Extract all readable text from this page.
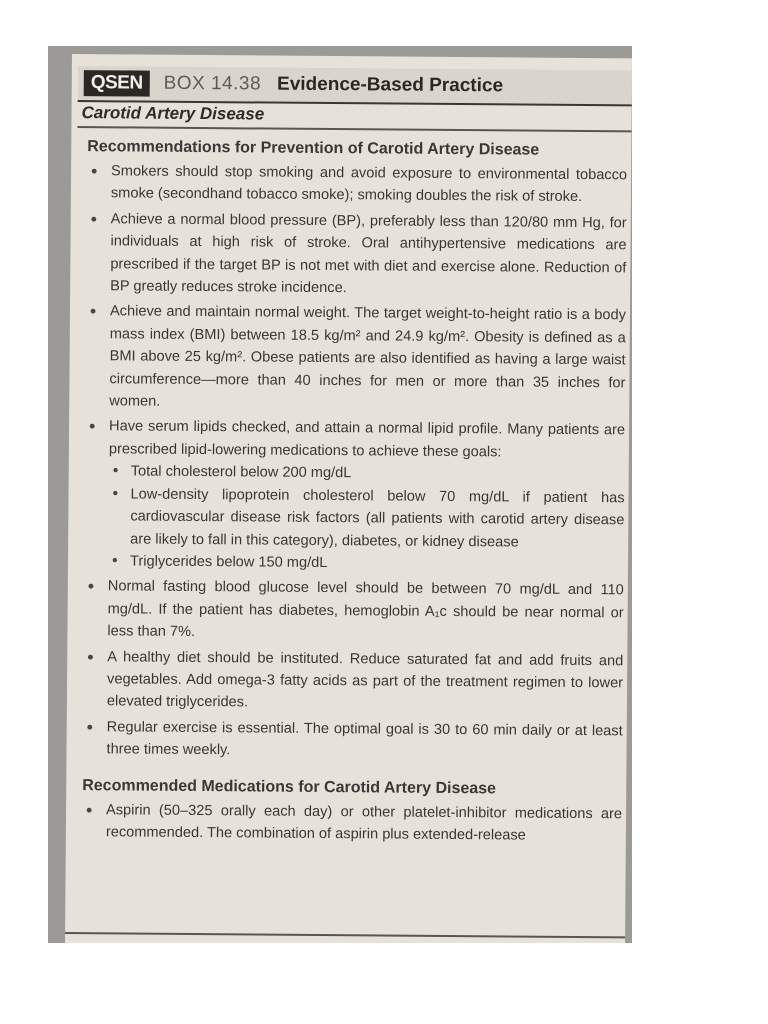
QSEN	BOX 14.38 Evidence-Based Practice
Carotid Artery Disease
Recommendations for Prevention of Carotid Artery Disease
• Smokers should stop smoking and avoid exposure to environmental tobacco smoke (secondhand tobacco smoke); smoking doubles the risk of stroke.
• Achieve a normal blood pressure (BP), preferably less than 120/80 mm Hg, for individuals at high risk of stroke. Oral antihypertensive medications are prescribed if the target BP is not met with diet and exercise alone. Reduction of BP greatly reduces stroke incidence.
• Achieve and maintain normal weight. The target weight-to-height ratio is a body mass index (BMI) between 18.5 kg/m² and 24.9 kg/m². Obesity is defined as a BMI above 25 kg/m². Obese patients are also identified as having a large waist circumference—more than 40 inches for men or more than 35 inches for women.
• Have serum lipids checked, and attain a normal lipid profile. Many patients are prescribed lipid-lowering medications to achieve these goals:
• Total cholesterol below 200 mg/dL
• Low-density lipoprotein cholesterol below 70 mg/dL if patient has cardiovascular disease risk factors (all patients with carotid artery disease are likely to fall in this category), diabetes, or kidney disease
• Triglycerides below 150 mg/dL
• Normal fasting blood glucose level should be between 70 mg/dL and 110 mg/dL. If the patient has diabetes, hemoglobin A₁c should be near normal or less than 7%.
• A healthy diet should be instituted. Reduce saturated fat and add fruits and vegetables. Add omega-3 fatty acids as part of the treatment regimen to lower elevated triglycerides.
• Regular exercise is essential. The optimal goal is 30 to 60 min daily or at least three times weekly.
Recommended Medications for Carotid Artery Disease
• Aspirin (50–325 orally each day) or other platelet-inhibitor medications are recommended. The combination of aspirin plus extended-release
